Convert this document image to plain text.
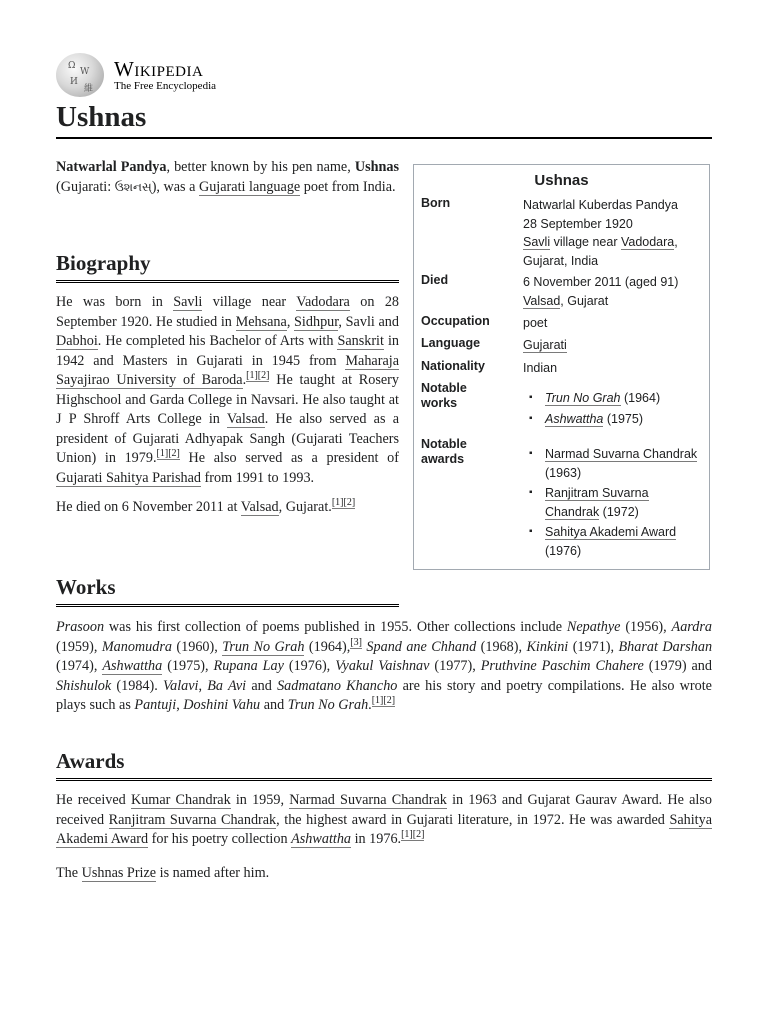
Ω
W
И
維
Wikipedia
The Free Encyclopedia
Ushnas

Natwarlal Pandya, better known by his pen name, Ushnas (Gujarati: ઉશનસ્), was a Gujarati language poet from India.

Biography

He was born in Savli village near Vadodara on 28 September 1920. He studied in Mehsana, Sidhpur, Savli and Dabhoi. He completed his Bachelor of Arts with Sanskrit in 1942 and Masters in Gujarati in 1945 from Maharaja Sayajirao University of Baroda.[1][2] He taught at Rosery Highschool and Garda College in Navsari. He also taught at J P Shroff Arts College in Valsad. He also served as a president of Gujarati Adhyapak Sangh (Gujarati Teachers Union) in 1979.[1][2] He also served as a president of Gujarati Sahitya Parishad from 1991 to 1993.

He died on 6 November 2011 at Valsad, Gujarat.[1][2]

Works

Prasoon was his first collection of poems published in 1955. Other collections include Nepathye (1956), Aardra (1959), Manomudra (1960), Trun No Grah (1964),[3] Spand ane Chhand (1968), Kinkini (1971), Bharat Darshan (1974), Ashwattha (1975), Rupana Lay (1976), Vyakul Vaishnav (1977), Pruthvine Paschim Chahere (1979) and Shishulok (1984). Valavi, Ba Avi and Sadmatano Khancho are his story and poetry compilations. He also wrote plays such as Pantuji, Doshini Vahu and Trun No Grah.[1][2]

Awards

He received Kumar Chandrak in 1959, Narmad Suvarna Chandrak in 1963 and Gujarat Gaurav Award. He also received Ranjitram Suvarna Chandrak, the highest award in Gujarati literature, in 1972. He was awarded Sahitya Akademi Award for his poetry collection Ashwattha in 1976.[1][2]

The Ushnas Prize is named after him.

Ushnas
Born	Natwarlal Kuberdas Pandya
28 September 1920
Savli village near Vadodara,
Gujarat, India
Died	6 November 2011 (aged 91)
Valsad, Gujarat
Occupation	poet
Language	Gujarati
Nationality	Indian
Notable works	▪ Trun No Grah (1964)
▪ Ashwattha (1975)
Notable awards	▪ Narmad Suvarna Chandrak (1963)
▪ Ranjitram Suvarna Chandrak (1972)
▪ Sahitya Akademi Award (1976)
